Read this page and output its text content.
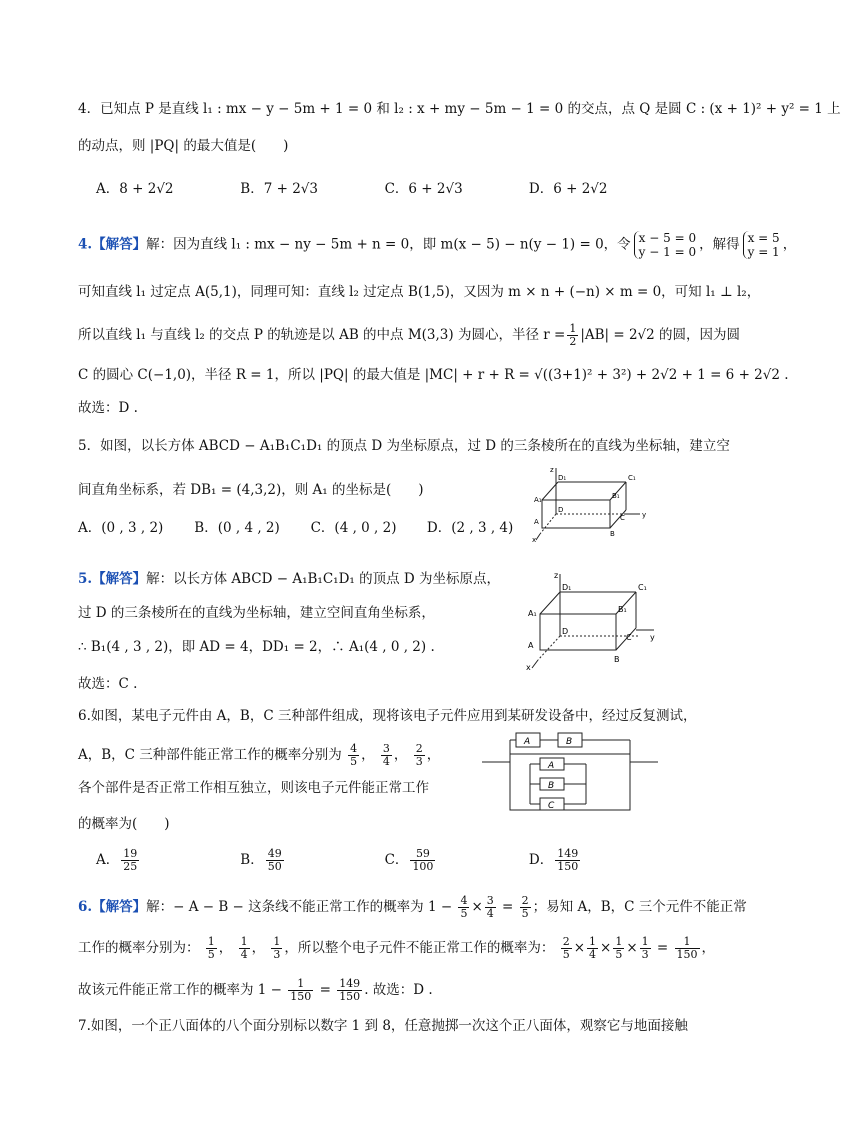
4．已知点 P 是直线 l₁ : mx − y − 5m + 1 = 0 和 l₂ : x + my − 5m − 1 = 0 的交点，点 Q 是圆 C : (x + 1)² + y² = 1 上
的动点，则 |PQ| 的最大值是(　　)
A．8 + 2√2	B．7 + 2√3	C．6 + 2√3	D．6 + 2√2
4.【解答】解：因为直线 l₁ : mx − ny − 5m + n = 0，即 m(x − 5) − n(y − 1) = 0，令 x − 5 = 0
y − 1 = 0 ，解得 x = 5
y = 1 ，
可知直线 l₁ 过定点 A(5,1)，同理可知：直线 l₂ 过定点 B(1,5)，又因为 m × n + (−n) × m = 0，可知 l₁ ⊥ l₂，
所以直线 l₁ 与直线 l₂ 的交点 P 的轨迹是以 AB 的中点 M(3,3) 为圆心，半径 $r = \frac{1}{2} |AB| = 2√2$ 的圆，因为圆
C 的圆心 C(−1,0)，半径 R = 1，所以 |PQ| 的最大值是 |MC| + r + R = √((3+1)² + 3²) + 2√2 + 1 = 6 + 2√2 .
故选：D .
5．如图，以长方体 ABCD − A₁B₁C₁D₁ 的顶点 D 为坐标原点，过 D 的三条棱所在的直线为坐标轴，建立空
间直角坐标系，若 DB₁ = (4,3,2)，则 A₁ 的坐标是(　　)
A．(0 , 3 , 2) B．(0 , 4 , 2) C．(4 , 0 , 2) D．(2 , 3 , 4)
z
D₁	C₁
A₁	B₁
D
C y
A
B
x
5.【解答】解：以长方体 ABCD − A₁B₁C₁D₁ 的顶点 D 为坐标原点，
过 D 的三条棱所在的直线为坐标轴，建立空间直角坐标系，
∴ B₁(4 , 3 , 2)，即 AD = 4，DD₁ = 2，∴ A₁(4 , 0 , 2) .
故选：C .
z
D₁	C₁
A₁	B₁
D
C y
A
B
x
6.如图，某电子元件由 A，B，C 三种部件组成，现将该电子元件应用到某研发设备中，经过反复测试，
A，B，C 三种部件能正常工作的概率分别为 $\frac{4}{5}$ ， $\frac{3}{4}$ ， $\frac{2}{3}$ ，
各个部件是否正常工作相互独立，则该电子元件能正常工作
的概率为(　　)
A． $\frac{19}{25}$	B． $\frac{49}{50}$	C． $\frac{59}{100}$	D． $\frac{149}{150}$
A	B
A
B
C
6.【解答】解：− A − B − 这条线不能正常工作的概率为 $1 - \frac{4}{5} \times \frac{3}{4} = \frac{2}{5}$ ；易知 A，B，C 三个元件不能正常
工作的概率分别为： $\frac{1}{5}$ ， $\frac{1}{4}$ ， $\frac{1}{3}$ ，所以整个电子元件不能正常工作的概率为： $\frac{2}{5} \times \frac{1}{4} \times \frac{1}{5} \times \frac{1}{3} = \frac{1}{150}$ ，
故该元件能正常工作的概率为 $1 - \frac{1}{150} = \frac{149}{150}$ . 故选：D .
7.如图，一个正八面体的八个面分别标以数字 1 到 8，任意抛掷一次这个正八面体，观察它与地面接触
